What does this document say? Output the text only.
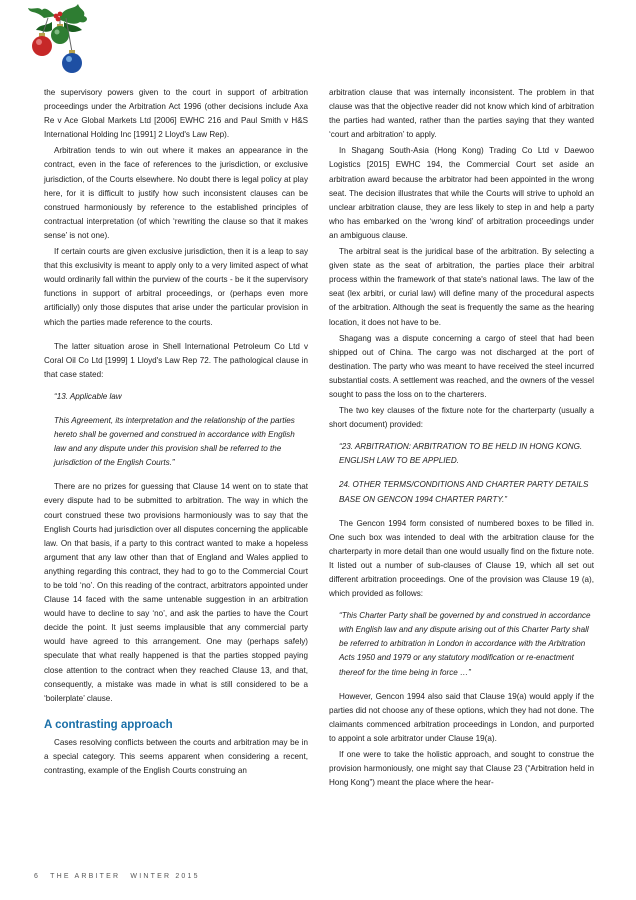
the supervisory powers given to the court in support of arbitration proceedings under the Arbitration Act 1996 (other decisions include Axa Re v Ace Global Markets Ltd [2006] EWHC 216 and Paul Smith v H&S International Holding Inc [1991] 2 Lloyd's Law Rep).

Arbitration tends to win out where it makes an appearance in the contract, even in the face of references to the jurisdiction, or exclusive jurisdiction, of the Courts elsewhere. No doubt there is legal policy at play here, for it is difficult to justify how such inconsistent clauses can be construed harmoniously by reference to the established principles of contractual interpretation (of which ‘rewriting the clause so that it makes sense’ is not one).

If certain courts are given exclusive jurisdiction, then it is a leap to say that this exclusivity is meant to apply only to a very limited aspect of what would ordinarily fall within the purview of the courts - be it the supervisory functions in support of arbitral proceedings, or (perhaps even more artificially) only those disputes that arise under the particular provision in which the parties made reference to the courts.

The latter situation arose in Shell International Petroleum Co Ltd v Coral Oil Co Ltd [1999] 1 Lloyd's Law Rep 72. The pathological clause in that case stated:

“13. Applicable law

This Agreement, its interpretation and the relationship of the parties hereto shall be governed and construed in accordance with English law and any dispute under this provision shall be referred to the jurisdiction of the English Courts.”

There are no prizes for guessing that Clause 14 went on to state that every dispute had to be submitted to arbitration. The way in which the court construed these two provisions harmoniously was to say that the English Courts had jurisdiction over all disputes concerning the applicable law. On that basis, if a party to this contract wanted to make a hopeless argument that any law other than that of England and Wales applied to anything regarding this contract, they had to go to the Commercial Court to be told ‘no’. On this reading of the contract, arbitrators appointed under Clause 14 faced with the same untenable suggestion in an arbitration would have to decline to say ‘no’, and ask the parties to have the Court decide the point. It just seems implausible that any commercial party would have agreed to this arrangement. One may (perhaps safely) speculate that what really happened is that the parties stopped paying close attention to the contract when they reached Clause 13, and that, consequently, a mistake was made in what is still considered to be a ‘boilerplate’ clause.

A contrasting approach

Cases resolving conflicts between the courts and arbitration may be in a special category. This seems apparent when considering a recent, contrasting, example of the English Courts construing an

arbitration clause that was internally inconsistent. The problem in that clause was that the objective reader did not know which kind of arbitration the parties had wanted, rather than the parties saying that they wanted ‘court and arbitration’ to apply.

In Shagang South-Asia (Hong Kong) Trading Co Ltd v Daewoo Logistics [2015] EWHC 194, the Commercial Court set aside an arbitration award because the arbitrator had been appointed in the wrong seat. The decision illustrates that while the Courts will strive to uphold an unclear arbitration clause, they are less likely to step in and help a party who has embarked on the ‘wrong kind’ of arbitration proceedings under an ambiguous clause.

The arbitral seat is the juridical base of the arbitration. By selecting a given state as the seat of arbitration, the parties place their arbitral process within the framework of that state's national laws. The law of the seat (lex arbitri, or curial law) will define many of the procedural aspects of the arbitration. Although the seat is frequently the same as the hearing location, it does not have to be.

Shagang was a dispute concerning a cargo of steel that had been shipped out of China. The cargo was not discharged at the port of destination. The party who was meant to have received the steel incurred substantial costs. A settlement was reached, and the owners of the vessel sought to pass the loss on to the charterers.

The two key clauses of the fixture note for the charterparty (usually a short document) provided:

“23. ARBITRATION: ARBITRATION TO BE HELD IN HONG KONG. ENGLISH LAW TO BE APPLIED.

24. OTHER TERMS/CONDITIONS AND CHARTER PARTY DETAILS BASE ON GENCON 1994 CHARTER PARTY.”

The Gencon 1994 form consisted of numbered boxes to be filled in. One such box was intended to deal with the arbitration clause for the charterparty in more detail than one would usually find on the fixture note. It listed out a number of sub-clauses of Clause 19, which all set out different arbitration proceedings. One of the provision was Clause 19 (a), which provided as follows:

“This Charter Party shall be governed by and construed in accordance with English law and any dispute arising out of this Charter Party shall be referred to arbitration in London in accordance with the Arbitration Acts 1950 and 1979 or any statutory modification or re-enactment thereof for the time being in force …”

However, Gencon 1994 also said that Clause 19(a) would apply if the parties did not choose any of these options, which they had not done. The claimants commenced arbitration proceedings in London, and purported to appoint a sole arbitrator under Clause 19(a).

If one were to take the holistic approach, and sought to construe the provision harmoniously, one might say that Clause 23 (“Arbitration held in Hong Kong”) meant the place where the hear-

6 THE ARBITER WINTER 2015
